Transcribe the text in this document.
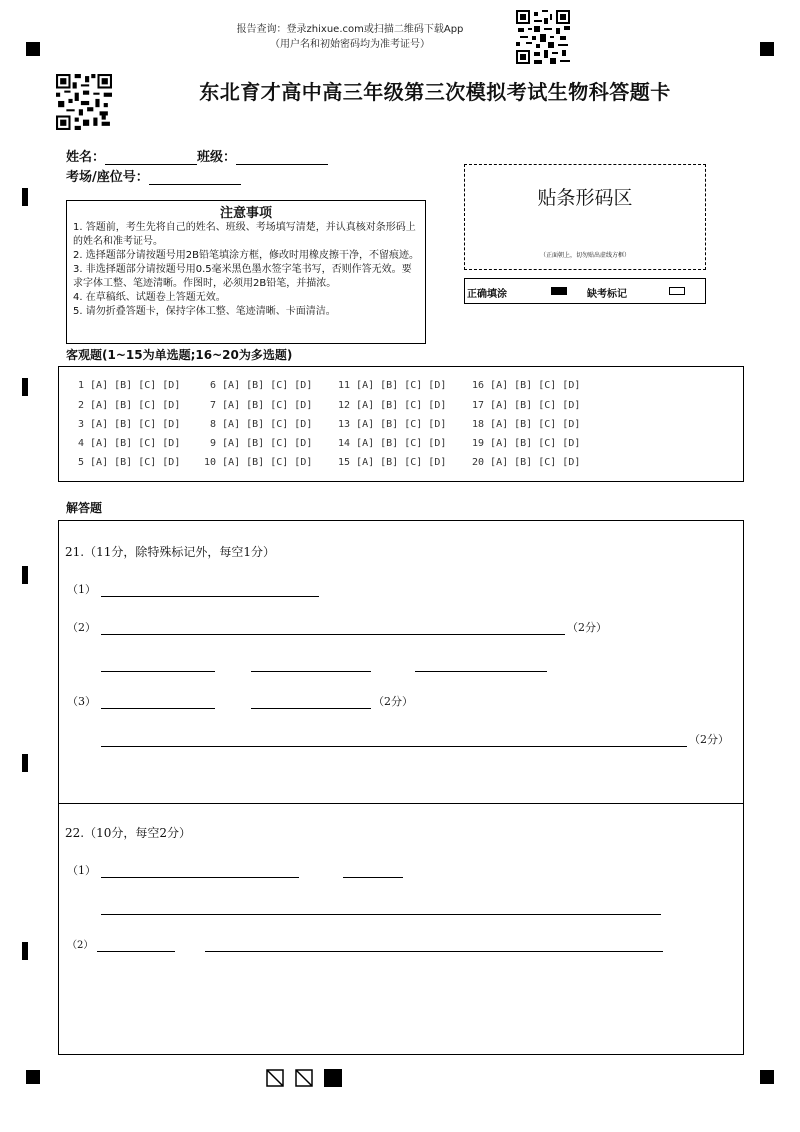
报告查询：登录zhixue.com或扫描二维码下载App
（用户名和初始密码均为准考证号）
东北育才高中高三年级第三次模拟考试生物科答题卡
姓名：	班级：
考场/座位号：
注意事项
1. 答题前，考生先将自己的姓名、班级、考场填写清楚，并认真核对条形码上的姓名和准考证号。
2. 选择题部分请按题号用2B铅笔填涂方框，修改时用橡皮擦干净，不留痕迹。
3. 非选择题部分请按题号用0.5毫米黑色墨水签字笔书写，否则作答无效。要求字体工整、笔迹清晰。作图时，必须用2B铅笔，并描浓。
4. 在草稿纸、试题卷上答题无效。
5. 请勿折叠答题卡，保持字体工整、笔迹清晰、卡面清洁。
贴条形码区
（正面朝上，切勿贴出虚线方框）
正确填涂	缺考标记
客观题(1~15为单选题;16~20为多选题)
1 [A] [B] [C] [D]
2 [A] [B] [C] [D]
3 [A] [B] [C] [D]
4 [A] [B] [C] [D]
5 [A] [B] [C] [D]
6 [A] [B] [C] [D]
7 [A] [B] [C] [D]
8 [A] [B] [C] [D]
9 [A] [B] [C] [D]
10 [A] [B] [C] [D]
11 [A] [B] [C] [D]
12 [A] [B] [C] [D]
13 [A] [B] [C] [D]
14 [A] [B] [C] [D]
15 [A] [B] [C] [D]
16 [A] [B] [C] [D]
17 [A] [B] [C] [D]
18 [A] [B] [C] [D]
19 [A] [B] [C] [D]
20 [A] [B] [C] [D]
解答题
21.（11分，除特殊标记外，每空1分）
（1）
（2）	（2分）
（3）	（2分）
（2分）
22.（10分，每空2分）
（1）
（2）
